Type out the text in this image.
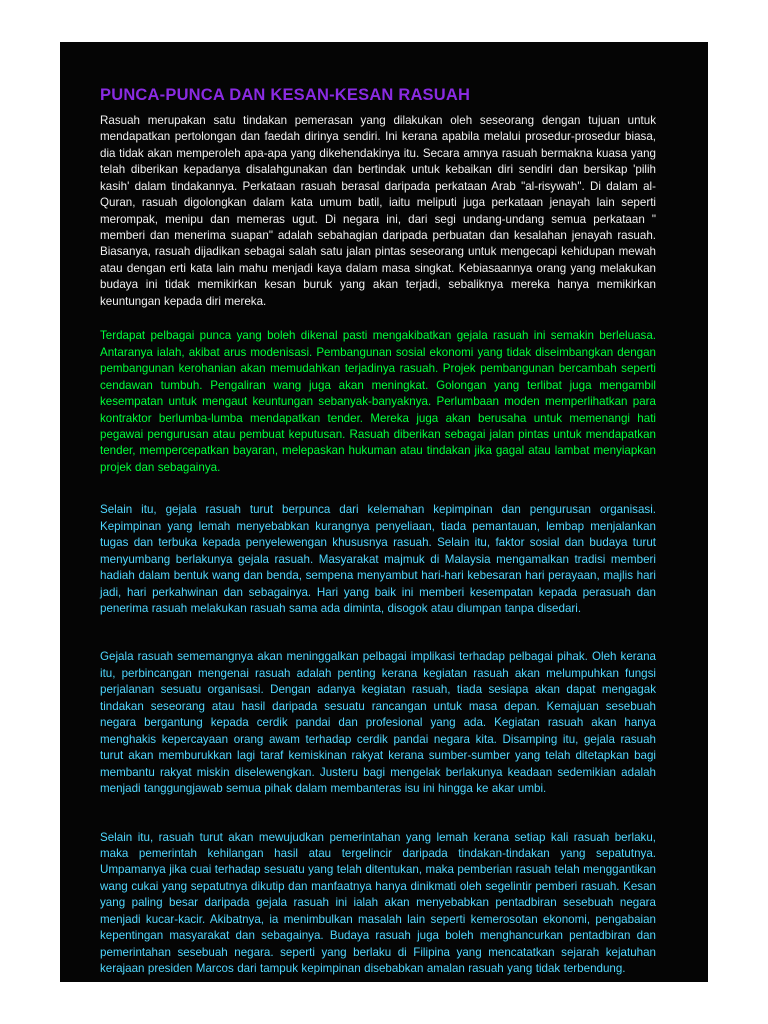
PUNCA-PUNCA DAN KESAN-KESAN RASUAH

Rasuah merupakan satu tindakan pemerasan yang dilakukan oleh seseorang dengan tujuan untuk mendapatkan pertolongan dan faedah dirinya sendiri. Ini kerana apabila melalui prosedur-prosedur biasa, dia tidak akan memperoleh apa-apa yang dikehendakinya itu. Secara amnya rasuah bermakna kuasa yang telah diberikan kepadanya disalahgunakan dan bertindak untuk kebaikan diri sendiri dan bersikap 'pilih kasih' dalam tindakannya. Perkataan rasuah berasal daripada perkataan Arab "al-risywah". Di dalam al-Quran, rasuah digolongkan dalam kata umum batil, iaitu meliputi juga perkataan jenayah lain seperti merompak, menipu dan memeras ugut. Di negara ini, dari segi undang-undang semua perkataan " memberi dan menerima suapan" adalah sebahagian daripada perbuatan dan kesalahan jenayah rasuah. Biasanya, rasuah dijadikan sebagai salah satu jalan pintas seseorang untuk mengecapi kehidupan mewah atau dengan erti kata lain mahu menjadi kaya dalam masa singkat. Kebiasaannya orang yang melakukan budaya ini tidak memikirkan kesan buruk yang akan terjadi, sebaliknya mereka hanya memikirkan keuntungan kepada diri mereka.

Terdapat pelbagai punca yang boleh dikenal pasti mengakibatkan gejala rasuah ini semakin berleluasa. Antaranya ialah, akibat arus modenisasi. Pembangunan sosial ekonomi yang tidak diseimbangkan dengan pembangunan kerohanian akan memudahkan terjadinya rasuah. Projek pembangunan bercambah seperti cendawan tumbuh. Pengaliran wang juga akan meningkat. Golongan yang terlibat juga mengambil kesempatan untuk mengaut keuntungan sebanyak-banyaknya. Perlumbaan moden memperlihatkan para kontraktor berlumba-lumba mendapatkan tender. Mereka juga akan berusaha untuk memenangi hati pegawai pengurusan atau pembuat keputusan. Rasuah diberikan sebagai jalan pintas untuk mendapatkan tender, mempercepatkan bayaran, melepaskan hukuman atau tindakan jika gagal atau lambat menyiapkan projek dan sebagainya.

Selain itu, gejala rasuah turut berpunca dari kelemahan kepimpinan dan pengurusan organisasi. Kepimpinan yang lemah menyebabkan kurangnya penyeliaan, tiada pemantauan, lembap menjalankan tugas dan terbuka kepada penyelewengan khususnya rasuah. Selain itu, faktor sosial dan budaya turut menyumbang berlakunya gejala rasuah. Masyarakat majmuk di Malaysia mengamalkan tradisi memberi hadiah dalam bentuk wang dan benda, sempena menyambut hari-hari kebesaran hari perayaan, majlis hari jadi, hari perkahwinan dan sebagainya. Hari yang baik ini memberi kesempatan kepada perasuah dan penerima rasuah melakukan rasuah sama ada diminta, disogok atau diumpan tanpa disedari.

Gejala rasuah sememangnya akan meninggalkan pelbagai implikasi terhadap pelbagai pihak. Oleh kerana itu, perbincangan mengenai rasuah adalah penting kerana kegiatan rasuah akan melumpuhkan fungsi perjalanan sesuatu organisasi. Dengan adanya kegiatan rasuah, tiada sesiapa akan dapat mengagak tindakan seseorang atau hasil daripada sesuatu rancangan untuk masa depan. Kemajuan sesebuah negara bergantung kepada cerdik pandai dan profesional yang ada. Kegiatan rasuah akan hanya menghakis kepercayaan orang awam terhadap cerdik pandai negara kita. Disamping itu, gejala rasuah turut akan memburukkan lagi taraf kemiskinan rakyat kerana sumber-sumber yang telah ditetapkan bagi membantu rakyat miskin diselewengkan. Justeru bagi mengelak berlakunya keadaan sedemikian adalah menjadi tanggungjawab semua pihak dalam membanteras isu ini hingga ke akar umbi.

Selain itu, rasuah turut akan mewujudkan pemerintahan yang lemah kerana setiap kali rasuah berlaku, maka pemerintah kehilangan hasil atau tergelincir daripada tindakan-tindakan yang sepatutnya. Umpamanya jika cuai terhadap sesuatu yang telah ditentukan, maka pemberian rasuah telah menggantikan wang cukai yang sepatutnya dikutip dan manfaatnya hanya dinikmati oleh segelintir pemberi rasuah. Kesan yang paling besar daripada gejala rasuah ini ialah akan menyebabkan pentadbiran sesebuah negara menjadi kucar-kacir. Akibatnya, ia menimbulkan masalah lain seperti kemerosotan ekonomi, pengabaian kepentingan masyarakat dan sebagainya. Budaya rasuah juga boleh menghancurkan pentadbiran dan pemerintahan sesebuah negara. seperti yang berlaku di Filipina yang mencatatkan sejarah kejatuhan kerajaan presiden Marcos dari tampuk kepimpinan disebabkan amalan rasuah yang tidak terbendung.
